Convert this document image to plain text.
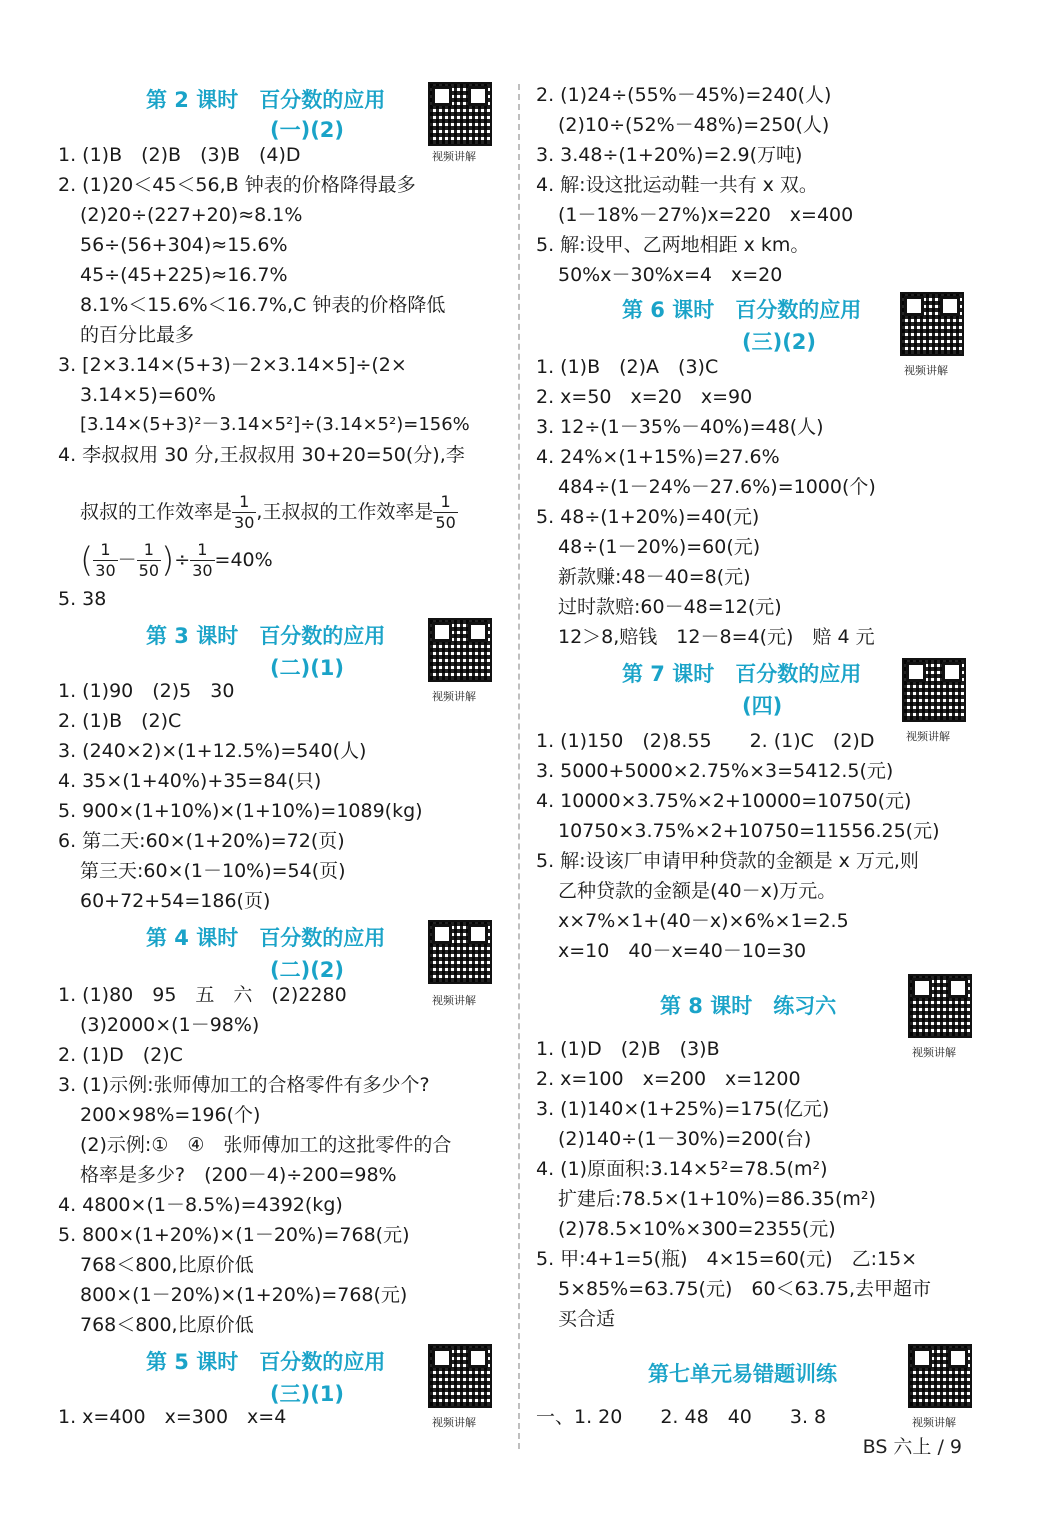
第 2 课时　百分数的应用
(一)(2)
视频讲解
1. (1)B　(2)B　(3)B　(4)D
2. (1)20＜45＜56,B 钟表的价格降得最多
(2)20÷(227+20)≈8.1%
56÷(56+304)≈15.6%
45÷(45+225)≈16.7%
8.1%＜15.6%＜16.7%,C 钟表的价格降低
的百分比最多
3. [2×3.14×(5+3)－2×3.14×5]÷(2×
3.14×5)=60%
[3.14×(5+3)²－3.14×5²]÷(3.14×5²)=156%
4. 李叔叔用 30 分,王叔叔用 30+20=50(分),李
叔叔的工作效率是 $\frac{1}{30}$ ,王叔叔的工作效率是 $\frac{1}{50}$
( $\frac{1}{30} - \frac{1}{50}$ )÷ $\frac{1}{30} =40\%$
5. 38
第 3 课时　百分数的应用
(二)(1)
视频讲解
1. (1)90　(2)5　30
2. (1)B　(2)C
3. (240×2)×(1+12.5%)=540(人)
4. 35×(1+40%)+35=84(只)
5. 900×(1+10%)×(1+10%)=1089(kg)
6. 第二天:60×(1+20%)=72(页)
第三天:60×(1－10%)=54(页)
60+72+54=186(页)
第 4 课时　百分数的应用
(二)(2)
视频讲解
1. (1)80　95　五　六　(2)2280
(3)2000×(1－98%)
2. (1)D　(2)C
3. (1)示例:张师傅加工的合格零件有多少个?
200×98%=196(个)
(2)示例:①　④　张师傅加工的这批零件的合
格率是多少?　(200－4)÷200=98%
4. 4800×(1－8.5%)=4392(kg)
5. 800×(1+20%)×(1－20%)=768(元)
768＜800,比原价低
800×(1－20%)×(1+20%)=768(元)
768＜800,比原价低
第 5 课时　百分数的应用
(三)(1)
视频讲解
1. x=400　x=300　x=4
2. (1)24÷(55%－45%)=240(人)
(2)10÷(52%－48%)=250(人)
3. 3.48÷(1+20%)=2.9(万吨)
4. 解:设这批运动鞋一共有 x 双。
(1－18%－27%)x=220　x=400
5. 解:设甲、乙两地相距 x km。
50%x－30%x=4　x=20
第 6 课时　百分数的应用
(三)(2)
视频讲解
1. (1)B　(2)A　(3)C
2. x=50　x=20　x=90
3. 12÷(1－35%－40%)=48(人)
4. 24%×(1+15%)=27.6%
484÷(1－24%－27.6%)=1000(个)
5. 48÷(1+20%)=40(元)
48÷(1－20%)=60(元)
新款赚:48－40=8(元)
过时款赔:60－48=12(元)
12＞8,赔钱　12－8=4(元)　赔 4 元
第 7 课时　百分数的应用
(四)
视频讲解
1. (1)150　(2)8.55　　2. (1)C　(2)D
3. 5000+5000×2.75%×3=5412.5(元)
4. 10000×3.75%×2+10000=10750(元)
10750×3.75%×2+10750=11556.25(元)
5. 解:设该厂申请甲种贷款的金额是 x 万元,则
乙种贷款的金额是(40－x)万元。
x×7%×1+(40－x)×6%×1=2.5
x=10　40－x=40－10=30
第 8 课时　练习六
视频讲解
1. (1)D　(2)B　(3)B
2. x=100　x=200　x=1200
3. (1)140×(1+25%)=175(亿元)
(2)140÷(1－30%)=200(台)
4. (1)原面积:3.14×5²=78.5(m²)
扩建后:78.5×(1+10%)=86.35(m²)
(2)78.5×10%×300=2355(元)
5. 甲:4+1=5(瓶)　4×15=60(元)　乙:15×
5×85%=63.75(元)　60＜63.75,去甲超市
买合适
第七单元易错题训练
视频讲解
一、1. 20　　2. 48　40　　3. 8
BS 六上 / 9
